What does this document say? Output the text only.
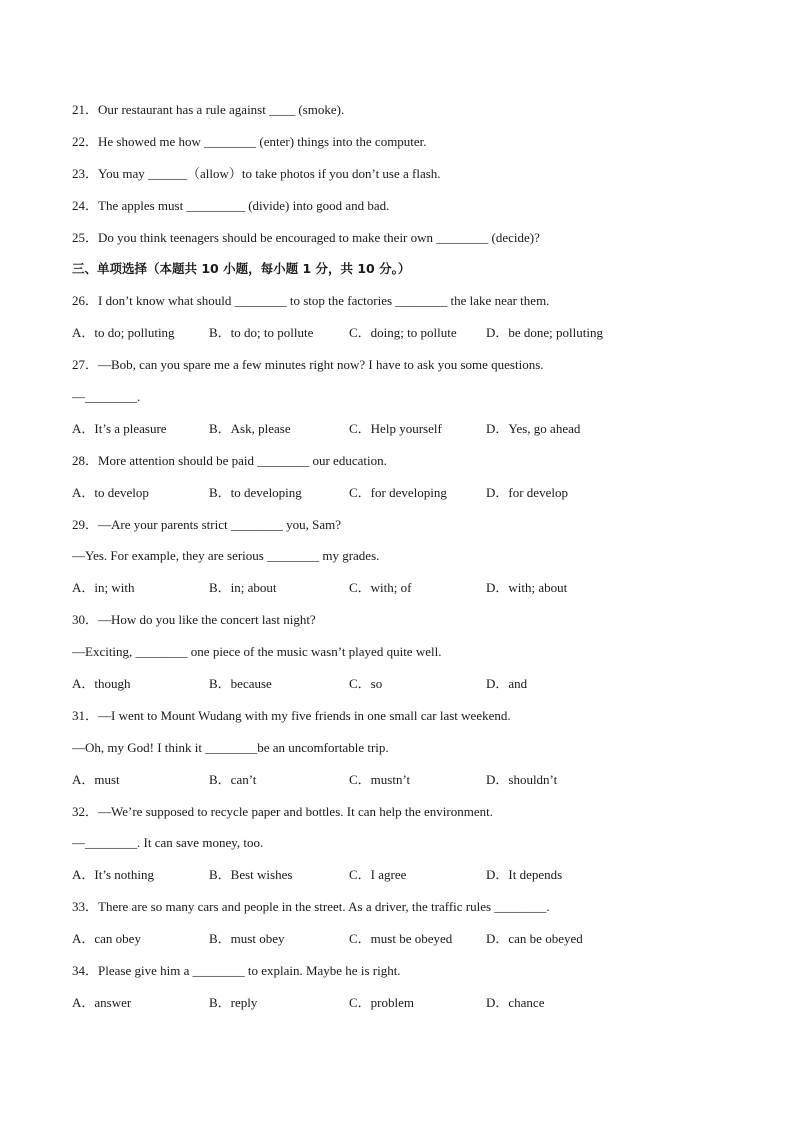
21．Our restaurant has a rule against ____ (smoke).
22．He showed me how ________ (enter) things into the computer.
23．You may ______（allow）to take photos if you don’t use a flash.
24．The apples must _________ (divide) into good and bad.
25．Do you think teenagers should be encouraged to make their own ________ (decide)?
三、单项选择（本题共 10 小题，每小题 1 分，共 10 分。）
26．I don’t know what should ________ to stop the factories ________ the lake near them.
A．to do; polluting	B．to do; to pollute	C．doing; to pollute D．be done; polluting
27．—Bob, can you spare me a few minutes right now? I have to ask you some questions.
—________.
A．It’s a pleasure	B．Ask, please	C．Help yourself	D．Yes, go ahead
28．More attention should be paid ________ our education.
A．to develop	B．to developing	C．for developing	D．for develop
29．—Are your parents strict ________ you, Sam?
—Yes. For example, they are serious ________ my grades.
A．in; with	B．in; about	C．with; of	D．with; about
30．—How do you like the concert last night?
—Exciting, ________ one piece of the music wasn’t played quite well.
A．though	B．because	C．so	D．and
31．—I went to Mount Wudang with my five friends in one small car last weekend.
—Oh, my God! I think it ________be an uncomfortable trip.
A．must	B．can’t	C．mustn’t	D．shouldn’t
32．—We’re supposed to recycle paper and bottles. It can help the environment.
—________. It can save money, too.
A．It’s nothing	B．Best wishes	C．I agree	D．It depends
33．There are so many cars and people in the street. As a driver, the traffic rules ________.
A．can obey	B．must obey	C．must be obeyed	D．can be obeyed
34．Please give him a ________ to explain. Maybe he is right.
A．answer	B．reply	C．problem	D．chance
